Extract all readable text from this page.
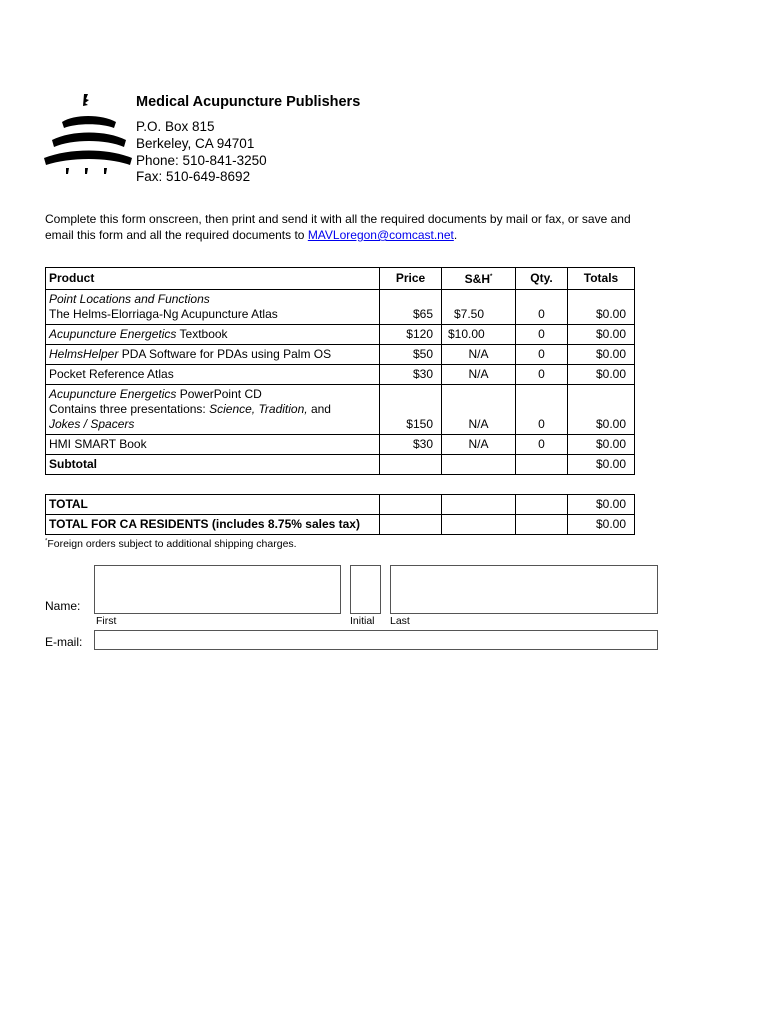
Medical Acupuncture Publishers
P.O. Box 815
Berkeley, CA 94701
Phone: 510-841-3250
Fax: 510-649-8692
Complete this form onscreen, then print and send it with all the required documents by mail or fax, or save and email this form and all the required documents to MAVLoregon@comcast.net.
Product	Price	S&H*	Qty.	Totals
Point Locations and Functions
The Helms-Elorriaga-Ng Acupuncture Atlas	$65	$7.50	0	$0.00
Acupuncture Energetics Textbook	$120	$10.00	0	$0.00
HelmsHelper PDA Software for PDAs using Palm OS	$50	N/A	0	$0.00
Pocket Reference Atlas	$30	N/A	0	$0.00
Acupuncture Energetics PowerPoint CD
Contains three presentations: Science, Tradition, and
Jokes / Spacers	$150	N/A	0	$0.00
HMI SMART Book	$30	N/A	0	$0.00
Subtotal				$0.00
TOTAL				$0.00
TOTAL FOR CA RESIDENTS (includes 8.75% sales tax)				$0.00
*Foreign orders subject to additional shipping charges.
Name:
First	Initial Last
E-mail:
